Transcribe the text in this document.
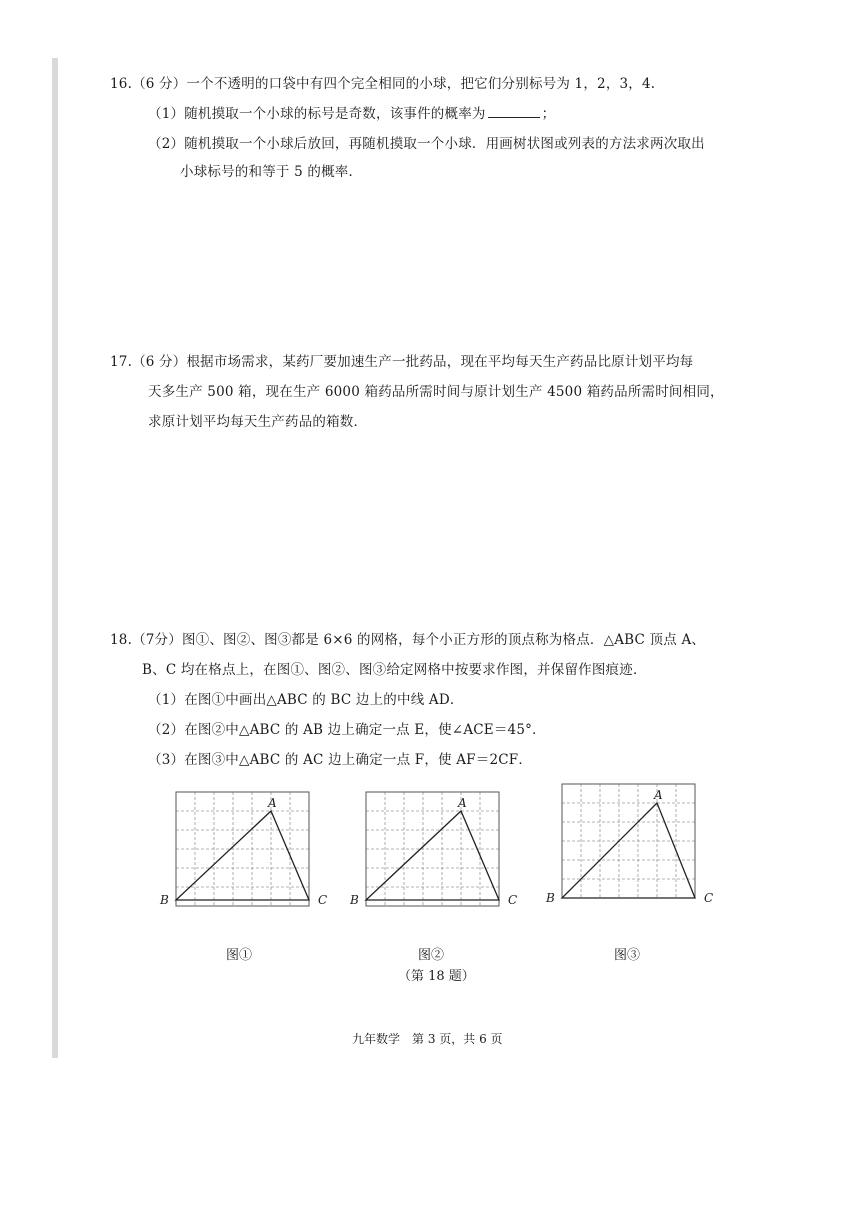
16.（6 分）一个不透明的口袋中有四个完全相同的小球，把它们分别标号为 1，2，3，4.
（1）随机摸取一个小球的标号是奇数，该事件的概率为	；
（2）随机摸取一个小球后放回，再随机摸取一个小球．用画树状图或列表的方法求两次取出
小球标号的和等于 5 的概率．
17.（6 分）根据市场需求，某药厂要加速生产一批药品，现在平均每天生产药品比原计划平均每
天多生产 500 箱，现在生产 6000 箱药品所需时间与原计划生产 4500 箱药品所需时间相同，
求原计划平均每天生产药品的箱数．
18.（7分）图①、图②、图③都是 6×6 的网格，每个小正方形的顶点称为格点．△ABC 顶点 A、
B、C 均在格点上，在图①、图②、图③给定网格中按要求作图，并保留作图痕迹．
（1）在图①中画出△ABC 的 BC 边上的中线 AD．
（2）在图②中△ABC 的 AB 边上确定一点 E，使∠ACE＝45°．
（3）在图③中△ABC 的 AC 边上确定一点 F，使 AF＝2CF．
A
B	C
图①
A
B	C
图②
A
B	C
图③
（第 18 题）
九年数学　第 3 页，共 6 页
